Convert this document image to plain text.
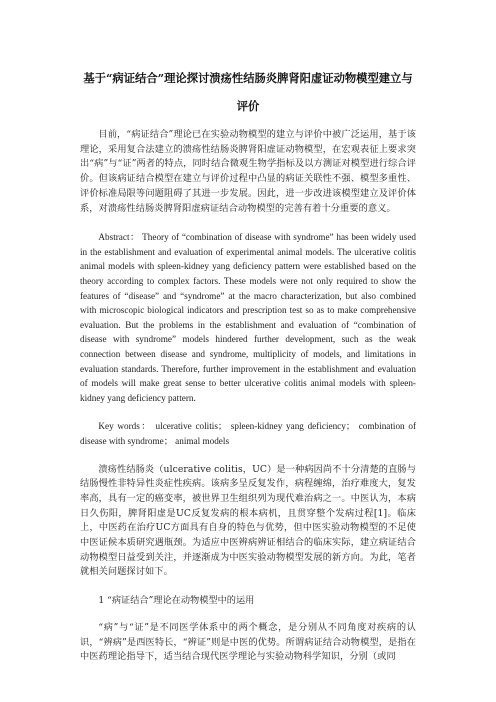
基于“病证结合”理论探讨溃疡性结肠炎脾肾阳虚证动物模型建立与
评价

目前，“病证结合”理论已在实验动物模型的建立与评价中被广泛运用，基于该理论，采用复合法建立的溃疡性结肠炎脾肾阳虚证动物模型，在宏观表征上要求突出“病”与“证”两者的特点，同时结合微观生物学指标及以方测证对模型进行综合评价。但该病证结合模型在建立与评价过程中凸显的病证关联性不强、模型多重性、评价标准局限等问题阻碍了其进一步发展。因此，进一步改进该模型建立及评价体系，对溃疡性结肠炎脾肾阳虚病证结合动物模型的完善有着十分重要的意义。

Abstract： Theory of “combination of disease with syndrome” has been widely used in the establishment and evaluation of experimental animal models. The ulcerative colitis animal models with spleen-kidney yang deficiency pattern were established based on the theory according to complex factors. These models were not only required to show the features of “disease” and “syndrome” at the macro characterization, but also combined with microscopic biological indicators and prescription test so as to make comprehensive evaluation. But the problems in the establishment and evaluation of “combination of disease with syndrome” models hindered further development, such as the weak connection between disease and syndrome, multiplicity of models, and limitations in evaluation standards. Therefore, further improvement in the establishment and evaluation of models will make great sense to better ulcerative colitis animal models with spleen-kidney yang deficiency pattern.

Key words： ulcerative colitis； spleen-kidney yang deficiency； combination of disease with syndrome； animal models

溃疡性结肠炎（ulcerative colitis，UC）是一种病因尚不十分清楚的直肠与结肠慢性非特异性炎症性疾病。该病多呈反复发作，病程缠绵，治疗难度大，复发率高，具有一定的癌变率，被世界卫生组织列为现代难治病之一。中医认为，本病日久伤阳，脾肾阳虚是UC反复发病的根本病机，且贯穿整个发病过程[1]。临床上，中医药在治疗UC方面具有自身的特色与优势，但中医实验动物模型的不足使中医证候本质研究遇瓶颈。为适应中医辨病辨证相结合的临床实际，建立病证结合动物模型日益受到关注，并逐渐成为中医实验动物模型发展的新方向。为此，笔者就相关问题探讨如下。

1 “病证结合”理论在动物模型中的运用

“病”与“证”是不同医学体系中的两个概念，是分别从不同角度对疾病的认识，“辨病”是西医特长，“辨证”则是中医的优势。所谓病证结合动物模型，是指在中医药理论指导下，适当结合现代医学理论与实验动物科学知识，分别（或同
